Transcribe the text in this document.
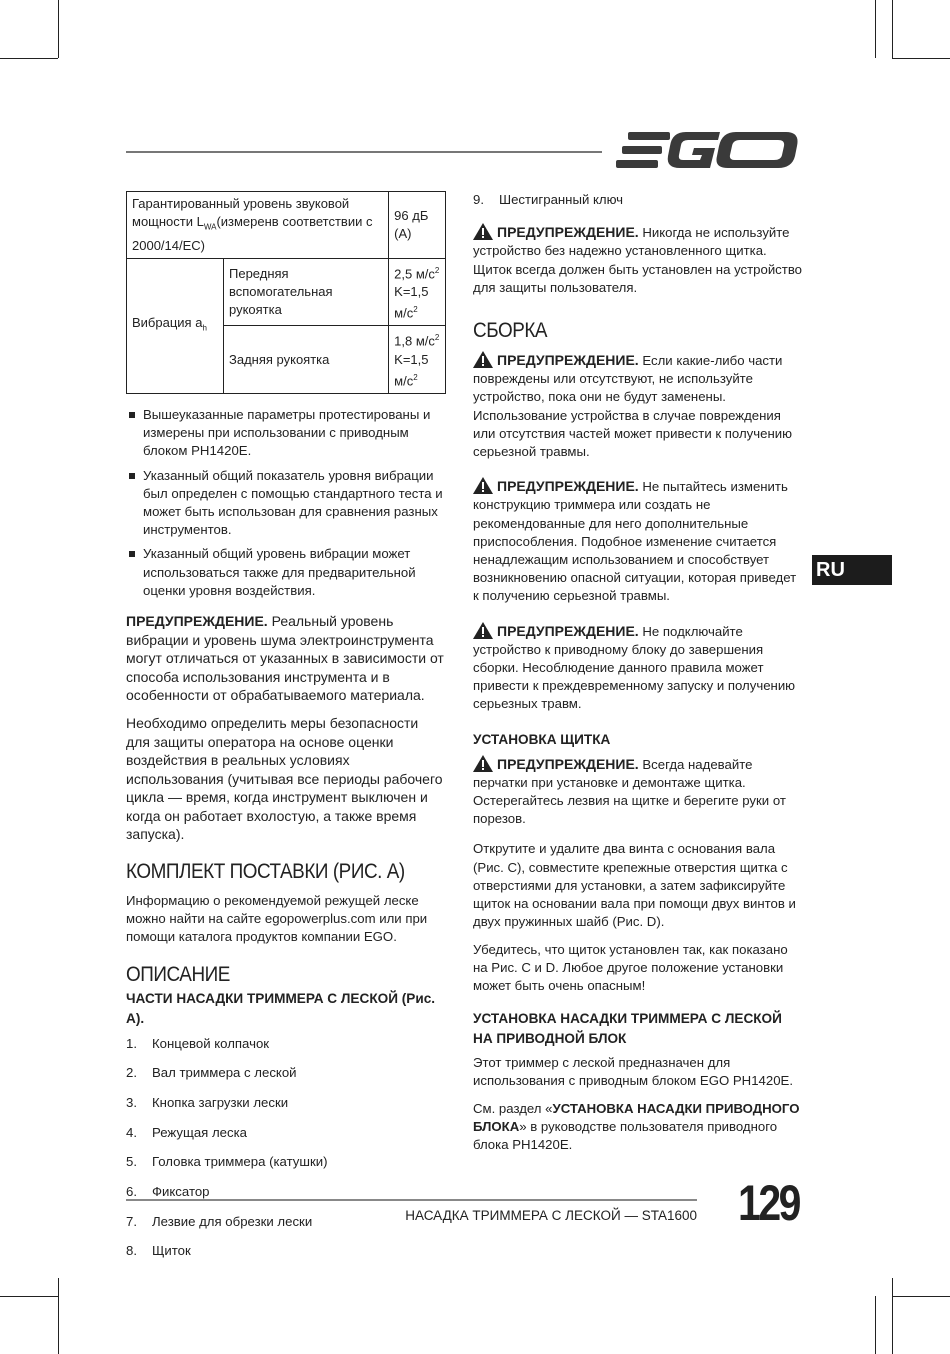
Гарантированный уровень звуковой мощности $L_{WA}(измеренв$ соответствии с 2000/14/EC)		96 дБ (A)
Вибрация $a_h$	Передняя вспомогательная рукоятка	2,5 $м/с^2$
K=1,5 $м/с^2$
	Задняя рукоятка	1,8 $м/с^2$
K=1,5 $м/с^2$
Вышеуказанные параметры протестированы и измерены при использовании с приводным блоком PH1420E.
Указанный общий показатель уровня вибрации был определен с помощью стандартного теста и может быть использован для сравнения разных инструментов.
Указанный общий уровень вибрации может использоваться также для предварительной оценки уровня воздействия.

ПРЕДУПРЕЖДЕНИЕ. Реальный уровень вибрации и уровень шума электроинструмента могут отличаться от указанных в зависимости от способа использования инструмента и в особенности от обрабатываемого материала.

Необходимо определить меры безопасности для защиты оператора на основе оценки воздействия в реальных условиях использования (учитывая все периоды рабочего цикла — время, когда инструмент выключен и когда он работает вхолостую, а также время запуска).

КОМПЛЕКТ ПОСТАВКИ (РИС. A)

Информацию о рекомендуемой режущей леске можно найти на сайте egopowerplus.com или при помощи каталога продуктов компании EGO.

ОПИСАНИЕ
ЧАСТИ НАСАДКИ ТРИММЕРА С ЛЕСКОЙ (Рис. A).
1.	Концевой колпачок
2.	Вал триммера с леской
3.	Кнопка загрузки лески
4.	Режущая леска
5.	Головка триммера (катушки)
6.	Фиксатор
7.	Лезвие для обрезки лески
8.	Щиток
9.	Шестигранный ключ

ПРЕДУПРЕЖДЕНИЕ. Никогда не используйте устройство без надежно установленного щитка. Щиток всегда должен быть установлен на устройство для защиты пользователя.

СБОРКА

ПРЕДУПРЕЖДЕНИЕ. Если какие-либо части повреждены или отсутствуют, не используйте устройство, пока они не будут заменены. Использование устройства в случае повреждения или отсутствия частей может привести к получению серьезной травмы.

ПРЕДУПРЕЖДЕНИЕ. Не пытайтесь изменить конструкцию триммера или создать не рекомендованные для него дополнительные приспособления. Подобное изменение считается ненадлежащим использованием и способствует возникновению опасной ситуации, которая приведет к получению серьезной травмы.

ПРЕДУПРЕЖДЕНИЕ. Не подключайте устройство к приводному блоку до завершения сборки. Несоблюдение данного правила может привести к преждевременному запуску и получению серьезных травм.

УСТАНОВКА ЩИТКА

ПРЕДУПРЕЖДЕНИЕ. Всегда надевайте перчатки при установке и демонтаже щитка. Остерегайтесь лезвия на щитке и берегите руки от порезов.

Открутите и удалите два винта с основания вала (Рис. C), совместите крепежные отверстия щитка с отверстиями для установки, а затем зафиксируйте щиток на основании вала при помощи двух винтов и двух пружинных шайб (Рис. D).

Убедитесь, что щиток установлен так, как показано на Рис. C и D. Любое другое положение установки может быть очень опасным!

УСТАНОВКА НАСАДКИ ТРИММЕРА С ЛЕСКОЙ НА ПРИВОДНОЙ БЛОК

Этот триммер с леской предназначен для использования с приводным блоком EGO PH1420E.

См. раздел «УСТАНОВКА НАСАДКИ ПРИВОДНОГО БЛОКА» в руководстве пользователя приводного блока PH1420E.

RU
НАСАДКА ТРИММЕРА С ЛЕСКОЙ — STA1600 129
